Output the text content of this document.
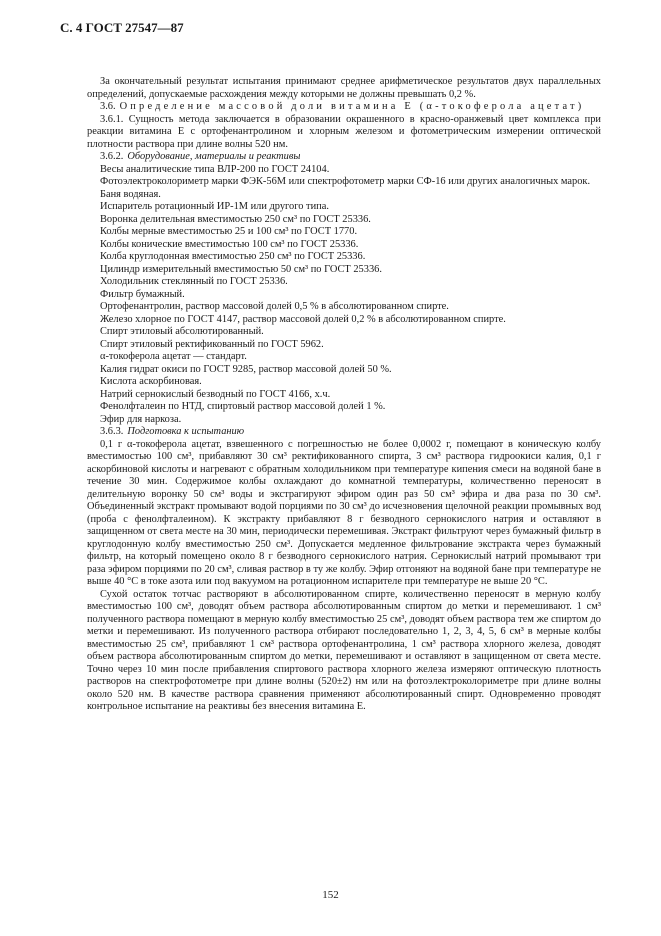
С. 4 ГОСТ 27547—87

За окончательный результат испытания принимают среднее арифметическое результатов двух параллельных определений, допускаемые расхождения между которыми не должны превышать 0,2 %.

3.6. Определение массовой доли витамина Е (α-токоферола ацетат)

3.6.1. Сущность метода заключается в образовании окрашенного в красно-оранжевый цвет комплекса при реакции витамина Е с ортофенантролином и хлорным железом и фотометрическим измерении оптической плотности раствора при длине волны 520 нм.

3.6.2. Оборудование, материалы и реактивы

Весы аналитические типа ВЛР-200 по ГОСТ 24104.

Фотоэлектроколориметр марки ФЭК-56М или спектрофотометр марки СФ-16 или других аналогичных марок.

Баня водяная.

Испаритель ротационный ИР-1М или другого типа.

Воронка делительная вместимостью 250 см³ по ГОСТ 25336.

Колбы мерные вместимостью 25 и 100 см³ по ГОСТ 1770.

Колбы конические вместимостью 100 см³ по ГОСТ 25336.

Колба круглодонная вместимостью 250 см³ по ГОСТ 25336.

Цилиндр измерительный вместимостью 50 см³ по ГОСТ 25336.

Холодильник стеклянный по ГОСТ 25336.

Фильтр бумажный.

Ортофенантролин, раствор массовой долей 0,5 % в абсолютированном спирте.

Железо хлорное по ГОСТ 4147, раствор массовой долей 0,2 % в абсолютированном спирте.

Спирт этиловый абсолютированный.

Спирт этиловый ректификованный по ГОСТ 5962.

α-токоферола ацетат — стандарт.

Калия гидрат окиси по ГОСТ 9285, раствор массовой долей 50 %.

Кислота аскорбиновая.

Натрий сернокислый безводный по ГОСТ 4166, х.ч.

Фенолфталеин по НТД, спиртовый раствор массовой долей 1 %.

Эфир для наркоза.

3.6.3. Подготовка к испытанию

0,1 г α-токоферола ацетат, взвешенного с погрешностью не более 0,0002 г, помещают в коническую колбу вместимостью 100 см³, прибавляют 30 см³ ректификованного спирта, 3 см³ раствора гидроокиси калия, 0,1 г аскорбиновой кислоты и нагревают с обратным холодильником при температуре кипения смеси на водяной бане в течение 30 мин. Содержимое колбы охлаждают до комнатной температуры, количественно переносят в делительную воронку 50 см³ воды и экстрагируют эфиром один раз 50 см³ эфира и два раза по 30 см³. Объединенный экстракт промывают водой порциями по 30 см³ до исчезновения щелочной реакции промывных вод (проба с фенолфталеином). К экстракту прибавляют 8 г безводного сернокислого натрия и оставляют в защищенном от света месте на 30 мин, периодически перемешивая. Экстракт фильтруют через бумажный фильтр в круглодонную колбу вместимостью 250 см³. Допускается медленное фильтрование экстракта через бумажный фильтр, на который помещено около 8 г безводного сернокислого натрия. Сернокислый натрий промывают три раза эфиром порциями по 20 см³, сливая раствор в ту же колбу. Эфир отгоняют на водяной бане при температуре не выше 40 °С в токе азота или под вакуумом на ротационном испарителе при температуре не выше 20 °С.

Сухой остаток тотчас растворяют в абсолютированном спирте, количественно переносят в мерную колбу вместимостью 100 см³, доводят объем раствора абсолютированным спиртом до метки и перемешивают. 1 см³ полученного раствора помещают в мерную колбу вместимостью 25 см³, доводят объем раствора тем же спиртом до метки и перемешивают. Из полученного раствора отбирают последовательно 1, 2, 3, 4, 5, 6 см³ в мерные колбы вместимостью 25 см³, прибавляют 1 см³ раствора ортофенантролина, 1 см³ раствора хлорного железа, доводят объем раствора абсолютированным спиртом до метки, перемешивают и оставляют в защищенном от света месте. Точно через 10 мин после прибавления спиртового раствора хлорного железа измеряют оптическую плотность растворов на спектрофотометре при длине волны (520±2) нм или на фотоэлектроколориметре при длине волны около 520 нм. В качестве раствора сравнения применяют абсолютированный спирт. Одновременно проводят контрольное испытание на реактивы без внесения витамина Е.

152
